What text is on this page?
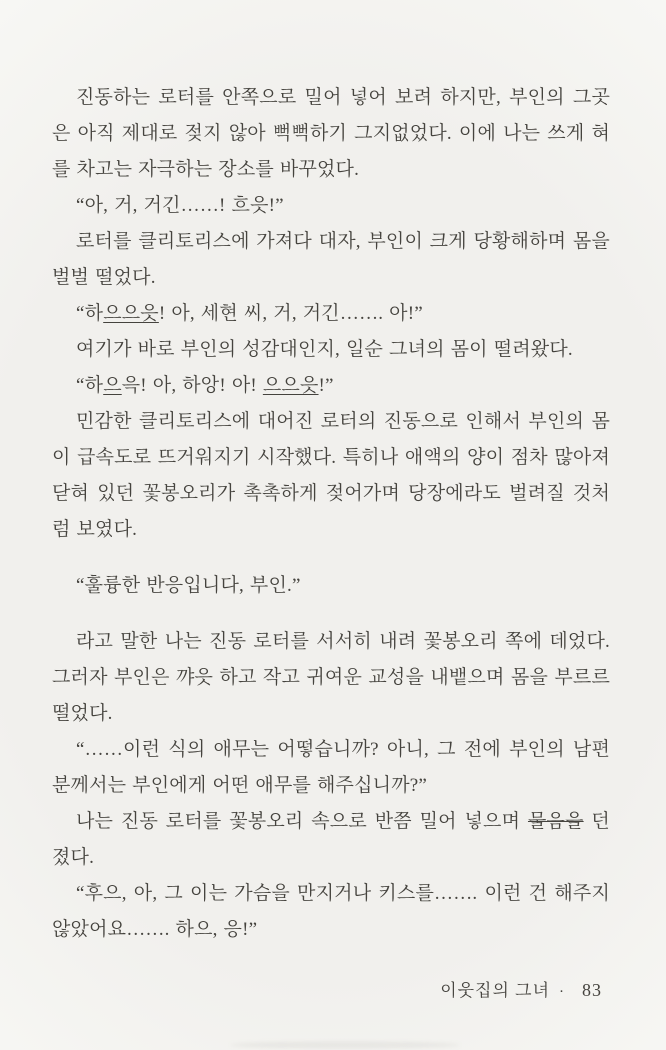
진동하는 로터를 안쪽으로 밀어 넣어 보려 하지만, 부인의 그곳은 아직 제대로 젖지 않아 뻑뻑하기 그지없었다. 이에 나는 쓰게 혀를 차고는 자극하는 장소를 바꾸었다.

“아, 거, 거긴……! 흐읏!”

로터를 클리토리스에 가져다 대자, 부인이 크게 당황해하며 몸을 벌벌 떨었다.

“하으으읏! 아, 세현 씨, 거, 거긴……. 아!”

여기가 바로 부인의 성감대인지, 일순 그녀의 몸이 떨려왔다.

“하으윽! 아, 하앙! 아! 으으읏!”

민감한 클리토리스에 대어진 로터의 진동으로 인해서 부인의 몸이 급속도로 뜨거워지기 시작했다. 특히나 애액의 양이 점차 많아져 닫혀 있던 꽃봉오리가 촉촉하게 젖어가며 당장에라도 벌려질 것처럼 보였다.

“훌륭한 반응입니다, 부인.”

라고 말한 나는 진동 로터를 서서히 내려 꽃봉오리 쪽에 데었다. 그러자 부인은 꺄읏 하고 작고 귀여운 교성을 내뱉으며 몸을 부르르 떨었다.

“……이런 식의 애무는 어떻습니까? 아니, 그 전에 부인의 남편 분께서는 부인에게 어떤 애무를 해주십니까?”

나는 진동 로터를 꽃봉오리 속으로 반쯤 밀어 넣으며 물음을 던졌다.

“후으, 아, 그 이는 가슴을 만지거나 키스를……. 이런 건 해주지 않았어요……. 하으, 응!”

이웃집의 그녀 · 83
